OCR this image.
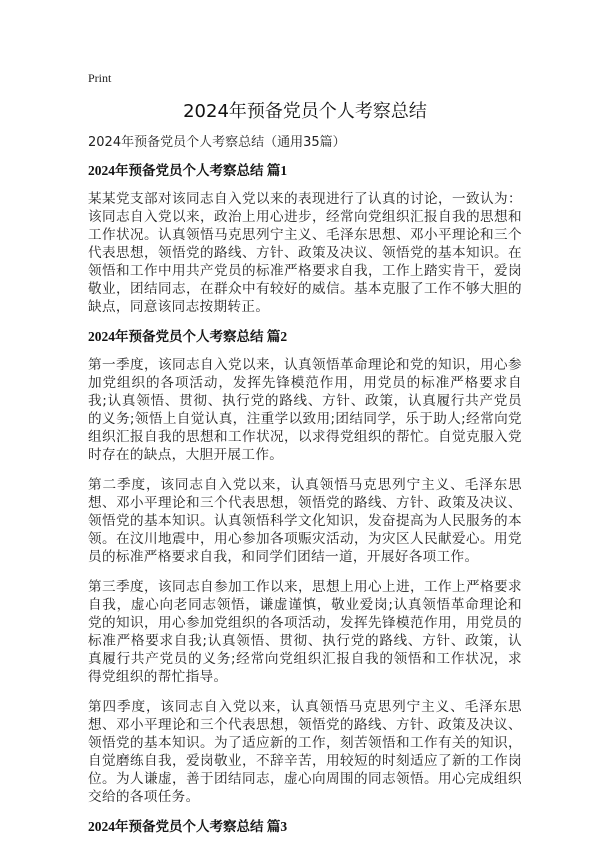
Print
2024年预备党员个人考察总结
2024年预备党员个人考察总结（通用35篇）
2024年预备党员个人考察总结 篇1

某某党支部对该同志自入党以来的表现进行了认真的讨论，一致认为：该同志自入党以来，政治上用心进步，经常向党组织汇报自我的思想和工作状况。认真领悟马克思列宁主义、毛泽东思想、邓小平理论和三个代表思想，领悟党的路线、方针、政策及决议、领悟党的基本知识。在领悟和工作中用共产党员的标准严格要求自我，工作上踏实肯干，爱岗敬业，团结同志，在群众中有较好的威信。基本克服了工作不够大胆的缺点，同意该同志按期转正。

2024年预备党员个人考察总结 篇2

第一季度，该同志自入党以来，认真领悟革命理论和党的知识，用心参加党组织的各项活动，发挥先锋模范作用，用党员的标准严格要求自我;认真领悟、贯彻、执行党的路线、方针、政策，认真履行共产党员的义务;领悟上自觉认真，注重学以致用;团结同学，乐于助人;经常向党组织汇报自我的思想和工作状况，以求得党组织的帮忙。自觉克服入党时存在的缺点，大胆开展工作。

第二季度，该同志自入党以来，认真领悟马克思列宁主义、毛泽东思想、邓小平理论和三个代表思想，领悟党的路线、方针、政策及决议、领悟党的基本知识。认真领悟科学文化知识，发奋提高为人民服务的本领。在汶川地震中，用心参加各项赈灾活动，为灾区人民献爱心。用党员的标准严格要求自我，和同学们团结一道，开展好各项工作。

第三季度，该同志自参加工作以来，思想上用心上进，工作上严格要求自我，虚心向老同志领悟，谦虚谨慎，敬业爱岗;认真领悟革命理论和党的知识，用心参加党组织的各项活动，发挥先锋模范作用，用党员的标准严格要求自我;认真领悟、贯彻、执行党的路线、方针、政策，认真履行共产党员的义务;经常向党组织汇报自我的领悟和工作状况，求得党组织的帮忙指导。

第四季度，该同志自入党以来，认真领悟马克思列宁主义、毛泽东思想、邓小平理论和三个代表思想，领悟党的路线、方针、政策及决议、领悟党的基本知识。为了适应新的工作，刻苦领悟和工作有关的知识，自觉磨练自我，爱岗敬业，不辞辛苦，用较短的时刻适应了新的工作岗位。为人谦虚，善于团结同志，虚心向周围的同志领悟。用心完成组织交给的各项任务。

2024年预备党员个人考察总结 篇3
